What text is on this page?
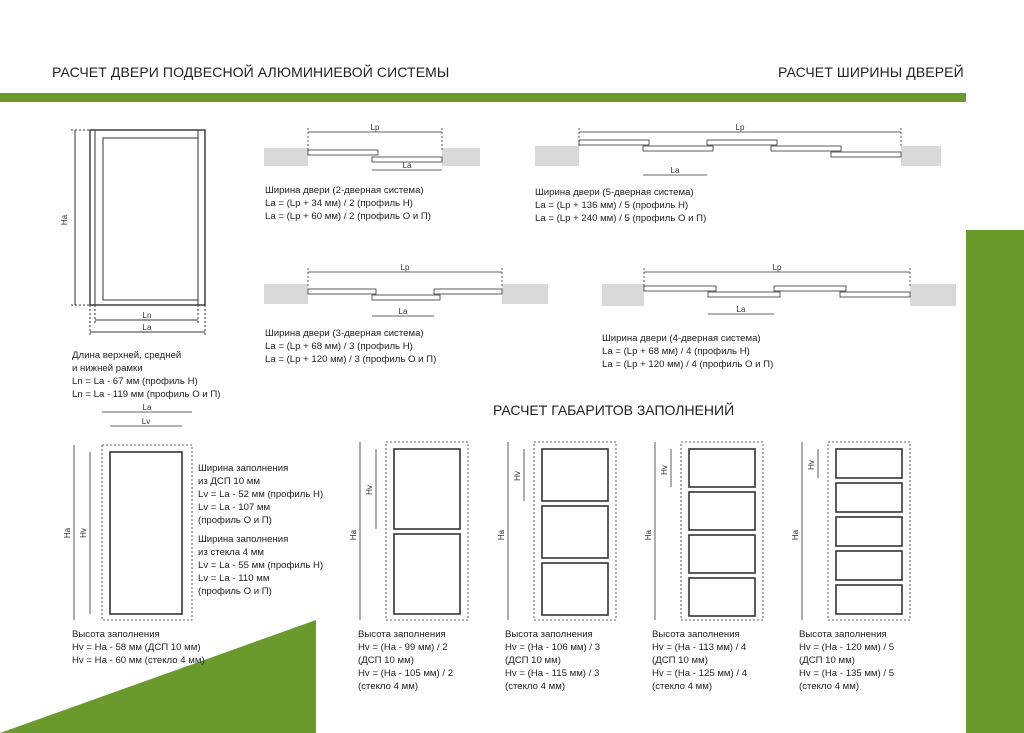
РАСЧЕТ ДВЕРИ ПОДВЕСНОЙ АЛЮМИНИЕВОЙ СИСТЕМЫ	РАСЧЕТ ШИРИНЫ ДВЕРЕЙ
Ha
Ln
La
Длина верхней, средней
и нижней рамки
Ln = La - 67 мм (профиль Н)
Ln = La - 119 мм (профиль О и П)
Lp
La
Ширина двери (2-дверная система)
La = (Lp + 34 мм) / 2 (профиль Н)
La = (Lp + 60 мм) / 2 (профиль О и П)
Lp
La
Ширина двери (5-дверная система)
La = (Lp + 136 мм) / 5 (профиль Н)
La = (Lp + 240 мм) / 5 (профиль О и П)
Lp
La
Ширина двери (3-дверная система)
La = (Lp + 68 мм) / 3 (профиль Н)
La = (Lp + 120 мм) / 3 (профиль О и П)
Lp
La
Ширина двери (4-дверная система)
La = (Lp + 68 мм) / 4 (профиль Н)
La = (Lp + 120 мм) / 4 (профиль О и П)
РАСЧЕТ ГАБАРИТОВ ЗАПОЛНЕНИЙ
La
Lv
Ha Hv
Ширина заполнения
из ДСП 10 мм
Lv = La - 52 мм (профиль Н)
Lv = La - 107 мм
(профиль О и П)
Ширина заполнения
из стекла 4 мм
Lv = La - 55 мм (профиль Н)
Lv = La - 110 мм
(профиль О и П)
Высота заполнения
Hv = Ha - 58 мм (ДСП 10 мм)
Hv = Ha - 60 мм (стекло 4 мм)
Ha
Hv
Высота заполнения
Hv = (Ha - 99 мм) / 2
(ДСП 10 мм)
Hv = (Ha - 105 мм) / 2
(стекло 4 мм)
Ha
Hv
Высота заполнения
Hv = (Ha - 106 мм) / 3
(ДСП 10 мм)
Hv = (Ha - 115 мм) / 3
(стекло 4 мм)
Ha
Hv
Высота заполнения
Hv = (Ha - 113 мм) / 4
(ДСП 10 мм)
Hv = (Ha - 125 мм) / 4
(стекло 4 мм)
Ha
Hv
Высота заполнения
Hv = (Ha - 120 мм) / 5
(ДСП 10 мм)
Hv = (Ha - 135 мм) / 5
(стекло 4 мм)
